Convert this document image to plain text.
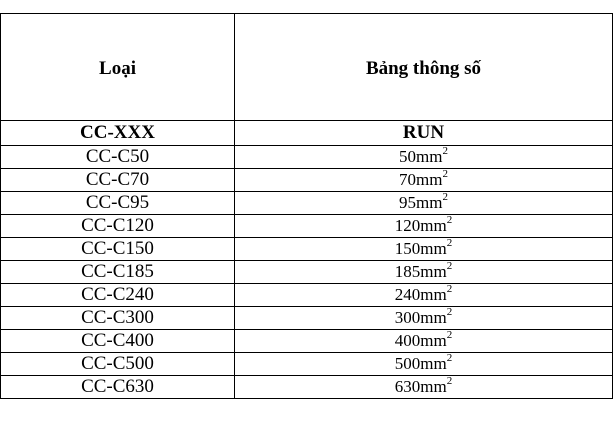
Loại	Bảng thông số
CC-XXX	RUN
CC-C50	$50mm^2$
CC-C70	$70mm^2$
CC-C95	$95mm^2$
CC-C120	$120mm^2$
CC-C150	$150mm^2$
CC-C185	$185mm^2$
CC-C240	$240mm^2$
CC-C300	$300mm^2$
CC-C400	$400mm^2$
CC-C500	$500mm^2$
CC-C630	$630mm^2$
